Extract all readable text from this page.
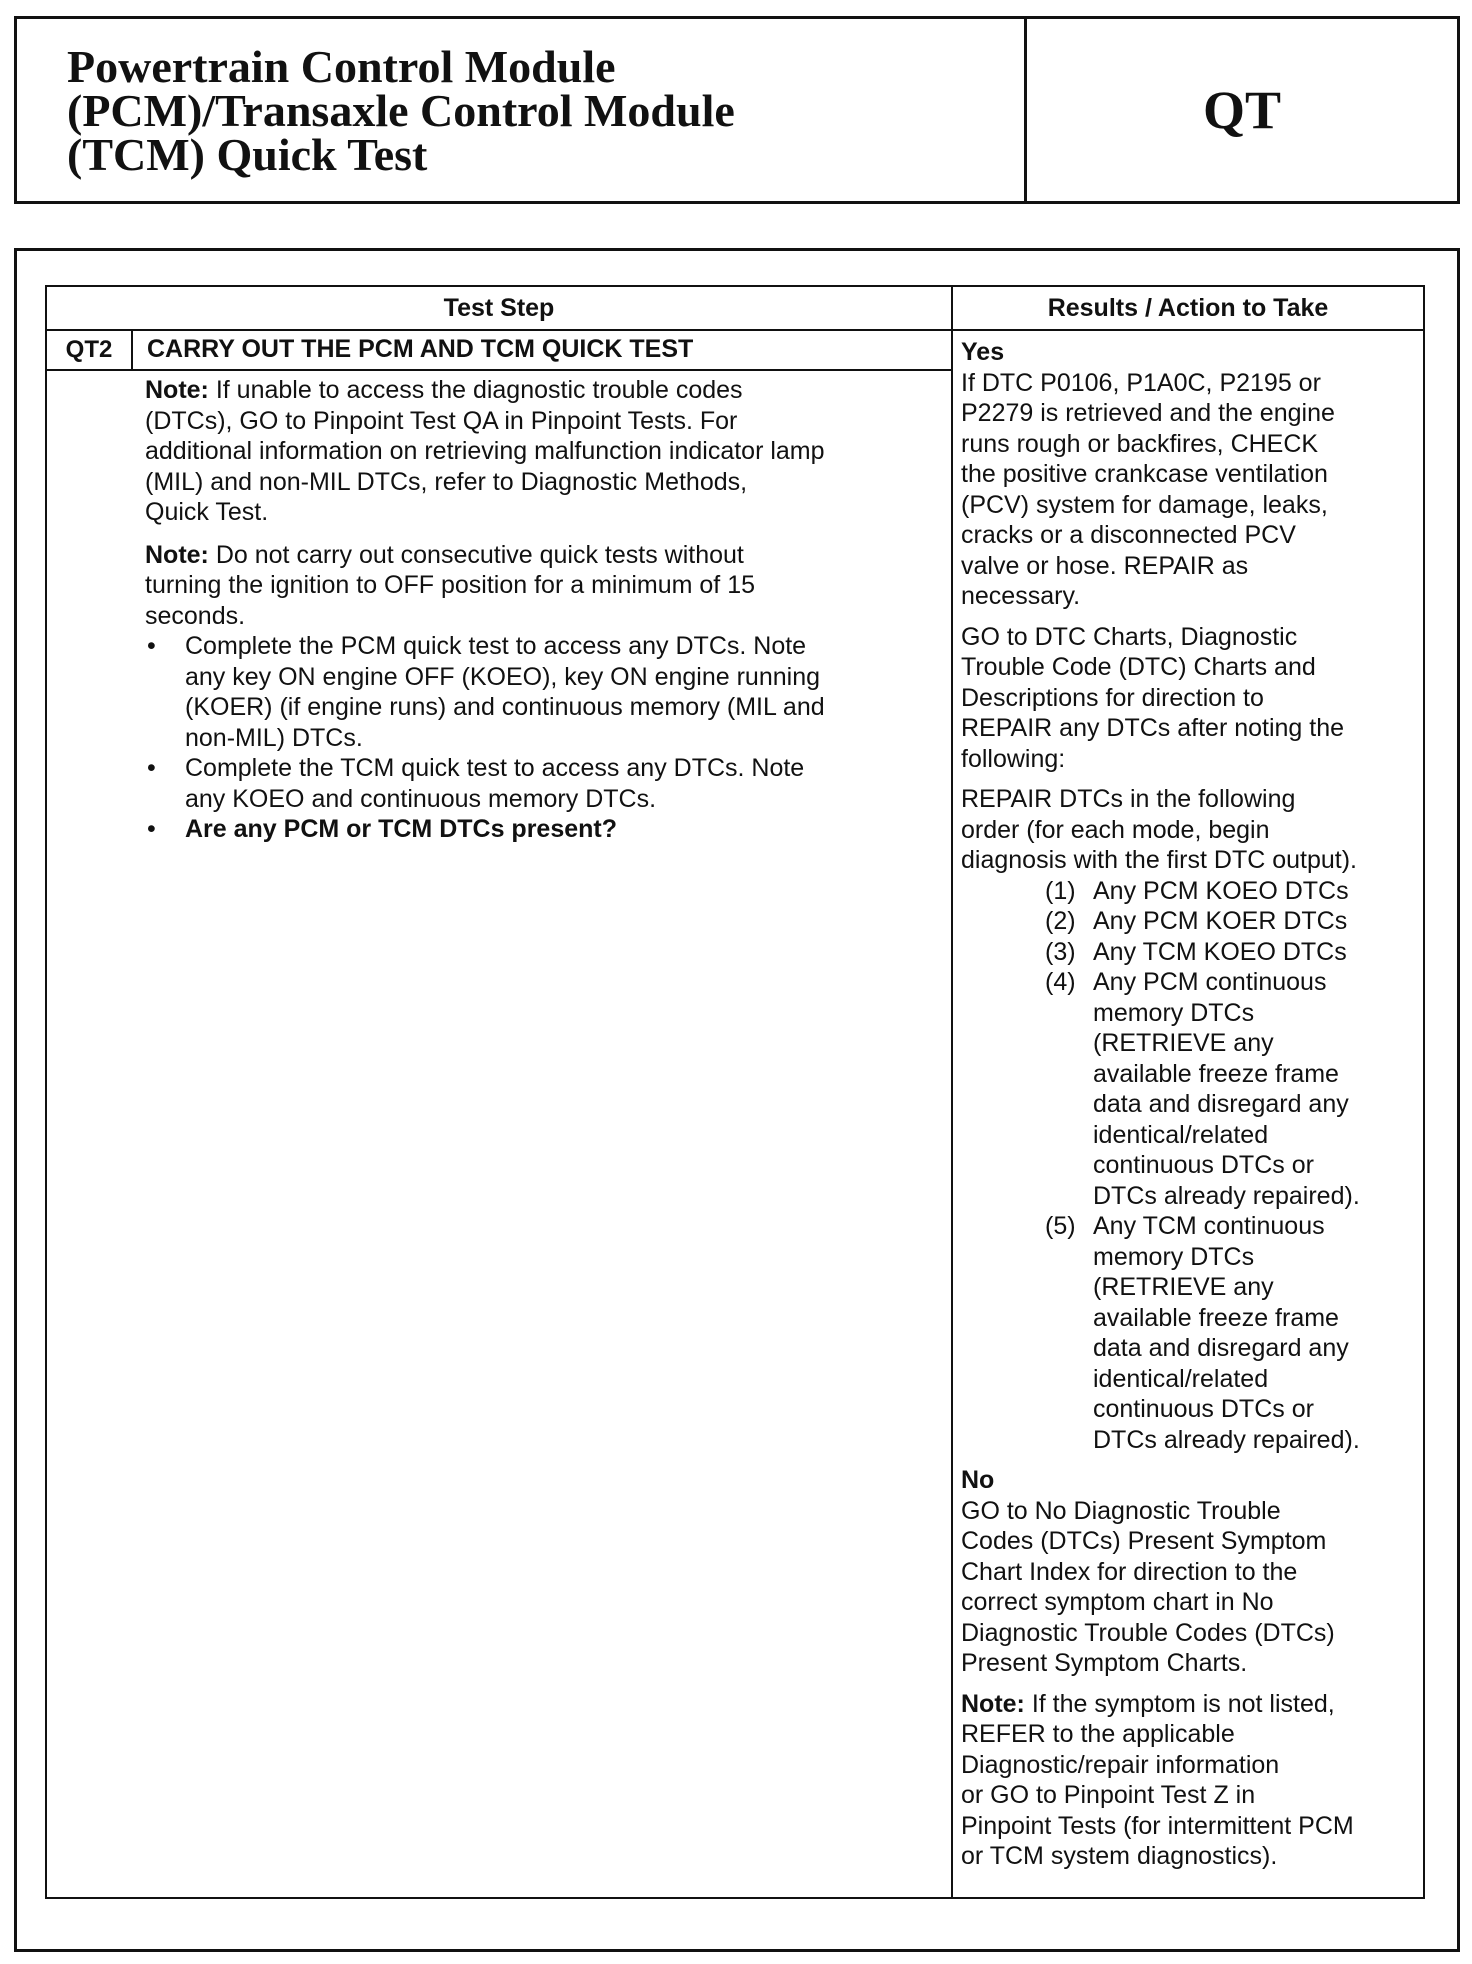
Powertrain Control Module
(PCM)/Transaxle Control Module
(TCM) Quick Test
QT
Test Step	Results / Action to Take
QT2	CARRY OUT THE PCM AND TCM QUICK TEST

Note: If unable to access the diagnostic trouble codes
(DTCs), GO to Pinpoint Test QA in Pinpoint Tests. For
additional information on retrieving malfunction indicator lamp
(MIL) and non-MIL DTCs, refer to Diagnostic Methods,
Quick Test.

Note: Do not carry out consecutive quick tests without
turning the ignition to OFF position for a minimum of 15
seconds.

• Complete the PCM quick test to access any DTCs. Note
any key ON engine OFF (KOEO), key ON engine running
(KOER) (if engine runs) and continuous memory (MIL and
non-MIL) DTCs.
• Complete the TCM quick test to access any DTCs. Note
any KOEO and continuous memory DTCs.
• Are any PCM or TCM DTCs present?

Yes

If DTC P0106, P1A0C, P2195 or
P2279 is retrieved and the engine
runs rough or backfires, CHECK
the positive crankcase ventilation
(PCV) system for damage, leaks,
cracks or a disconnected PCV
valve or hose. REPAIR as
necessary.

GO to DTC Charts, Diagnostic
Trouble Code (DTC) Charts and
Descriptions for direction to
REPAIR any DTCs after noting the
following:

REPAIR DTCs in the following
order (for each mode, begin
diagnosis with the first DTC output).

(1) Any PCM KOEO DTCs
(2) Any PCM KOER DTCs
(3) Any TCM KOEO DTCs
(4) Any PCM continuous
memory DTCs
(RETRIEVE any
available freeze frame
data and disregard any
identical/related
continuous DTCs or
DTCs already repaired).
(5) Any TCM continuous
memory DTCs
(RETRIEVE any
available freeze frame
data and disregard any
identical/related
continuous DTCs or
DTCs already repaired).

No

GO to No Diagnostic Trouble
Codes (DTCs) Present Symptom
Chart Index for direction to the
correct symptom chart in No
Diagnostic Trouble Codes (DTCs)
Present Symptom Charts.

Note: If the symptom is not listed,
REFER to the applicable
Diagnostic/repair information
or GO to Pinpoint Test Z in
Pinpoint Tests (for intermittent PCM
or TCM system diagnostics).
